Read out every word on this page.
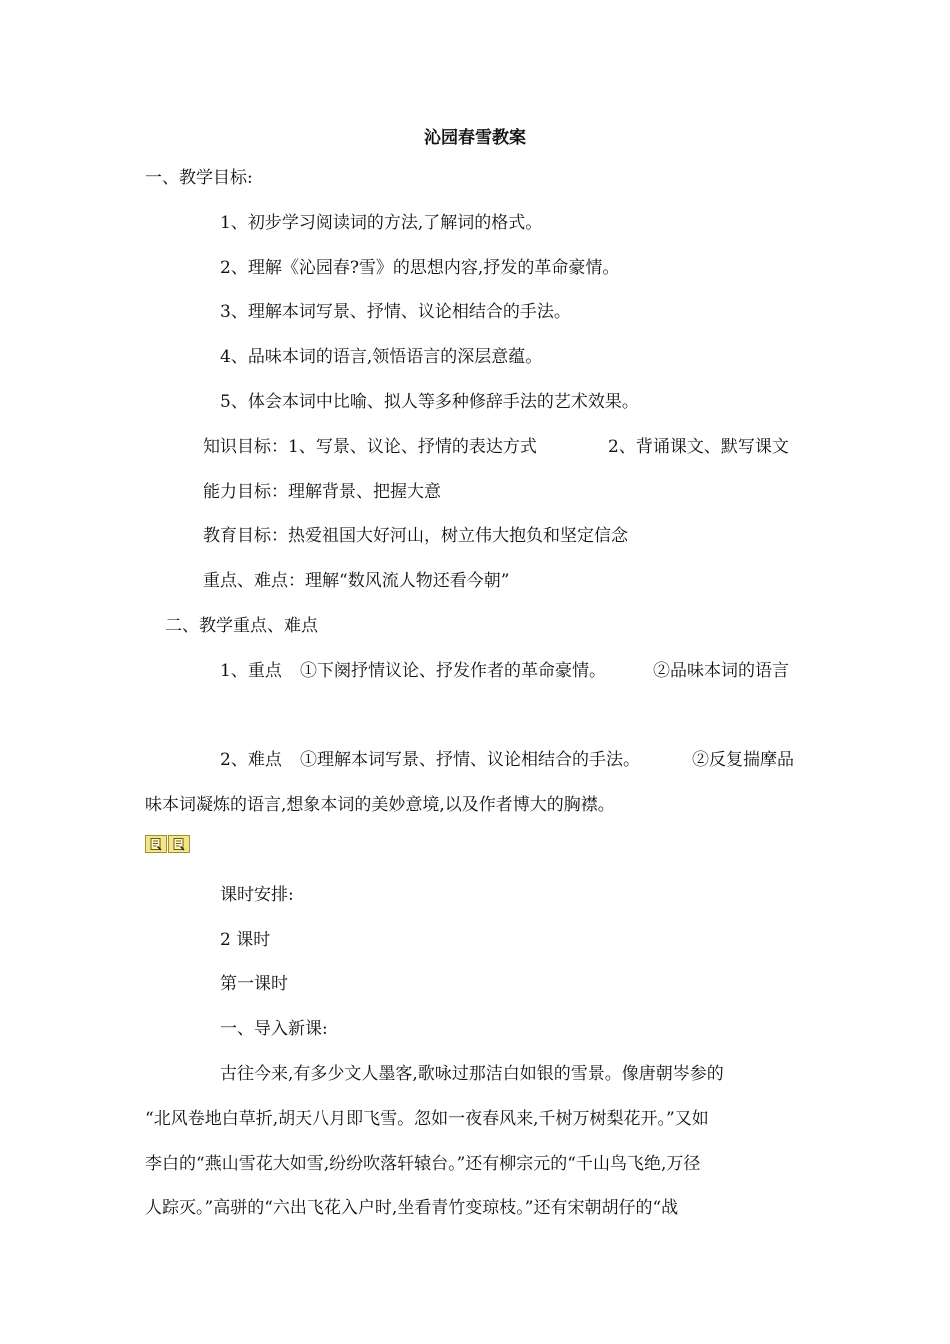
沁园春雪教案
一、教学目标:
1、初步学习阅读词的方法,了解词的格式。
2、理解《沁园春?雪》的思想内容,抒发的革命豪情。
3、理解本词写景、抒情、议论相结合的手法。
4、品味本词的语言,领悟语言的深层意蕴。
5、体会本词中比喻、拟人等多种修辞手法的艺术效果。
知识目标：1、写景、议论、抒情的表达方式	2、背诵课文、默写课文
能力目标：理解背景、把握大意
教育目标：热爱祖国大好河山，树立伟大抱负和坚定信念
重点、难点：理解“数风流人物还看今朝”
二、教学重点、难点
1、重点 ①下阕抒情议论、抒发作者的革命豪情。	②品味本词的语言
2、难点 ①理解本词写景、抒情、议论相结合的手法。	②反复揣摩品
味本词凝炼的语言,想象本词的美妙意境,以及作者博大的胸襟。
课时安排:
2 课时
第一课时
一、导入新课:
古往今来,有多少文人墨客,歌咏过那洁白如银的雪景。像唐朝岑参的
“北风卷地白草折,胡天八月即飞雪。忽如一夜春风来,千树万树梨花开。”又如
李白的“燕山雪花大如雪,纷纷吹落轩辕台。”还有柳宗元的“千山鸟飞绝,万径
人踪灭。”高骈的“六出飞花入户时,坐看青竹变琼枝。”还有宋朝胡仔的“战
